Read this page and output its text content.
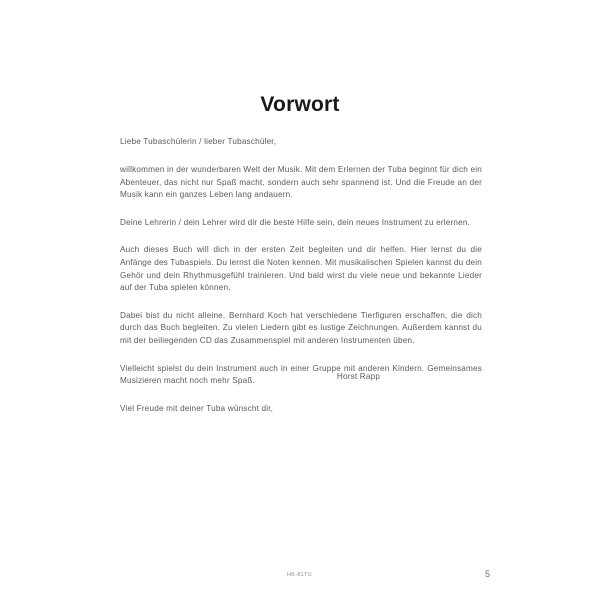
Vorwort

Liebe Tubaschülerin / lieber Tubaschüler,

willkommen in der wunderbaren Welt der Musik. Mit dem Erlernen der Tuba beginnt für dich ein Abenteuer, das nicht nur Spaß macht, sondern auch sehr spannend ist. Und die Freude an der Musik kann ein ganzes Leben lang andauern.

Deine Lehrerin / dein Lehrer wird dir die beste Hilfe sein, dein neues Instrument zu erlernen.

Auch dieses Buch will dich in der ersten Zeit begleiten und dir helfen. Hier lernst du die Anfänge des Tubaspiels. Du lernst die Noten kennen. Mit musikalischen Spielen kannst du dein Gehör und dein Rhythmusgefühl trainieren. Und bald wirst du viele neue und bekannte Lieder auf der Tuba spielen können.

Dabei bist du nicht alleine. Bernhard Koch hat verschiedene Tierfiguren erschaffen, die dich durch das Buch begleiten. Zu vielen Liedern gibt es lustige Zeichnungen. Außerdem kannst du mit der beiliegenden CD das Zusammenspiel mit anderen Instrumenten üben.

Vielleicht spielst du dein Instrument auch in einer Gruppe mit anderen Kindern. Gemeinsames Musizieren macht noch mehr Spaß.

Viel Freude mit deiner Tuba wünscht dir,

Horst Rapp
HK-81TU	5
